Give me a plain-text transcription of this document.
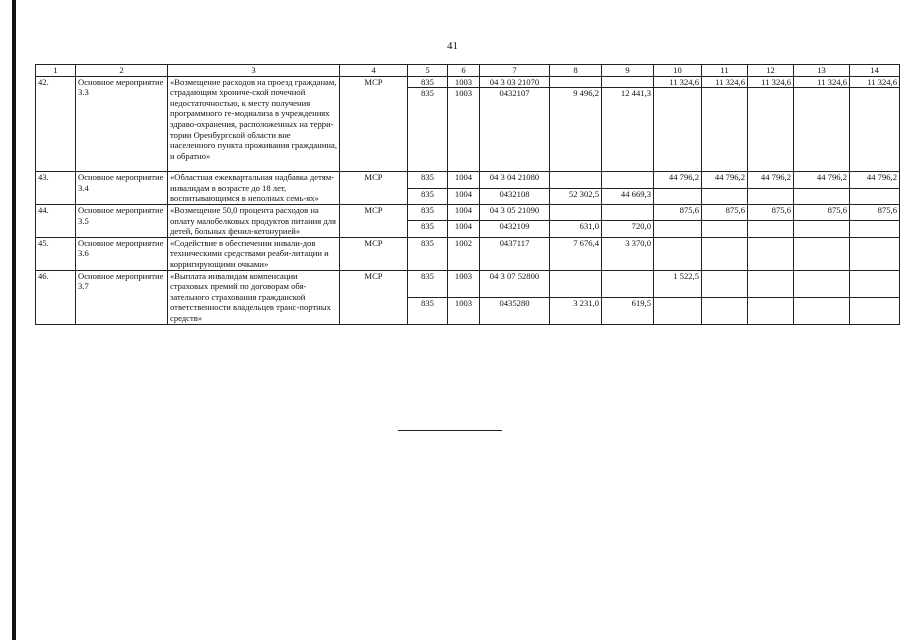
41
1	2	3	4	5	6	7	8	9	10	11	12	13	14
42.	Основное мероприятие 3.3	«Возмещение расходов на проезд гражданам, страдающим хроничe-ской почечной недостаточностью, к месту получения программного ге-модиализа в учреждениях здраво-охранения, расположенных на терри-тории Оренбургской области вне населенного пункта проживания гражданина, и обратно»	МСР	835	1003	04 3 03 21070			11 324,6	11 324,6	11 324,6	11 324,6	11 324,6
				835	1003	0432107	9 496,2	12 441,3					
43.	Основное мероприятие 3.4	«Областная ежеквартальная надбавка детям-инвалидам в возрасте до 18 лет, воспитывающимся в неполных семь-ях»	МСР	835	1004	04 3 04 21080			44 796,2	44 796,2	44 796,2	44 796,2	44 796,2
				835	1004	0432108	52 302,5	44 669,3					
44.	Основное мероприятие 3.5	«Возмещение 50,0 процента расходов на оплату малобелковых продуктов питания для детей, больных фенил-кетонурией»	МСР	835	1004	04 3 05 21090			875,6	875,6	875,6	875,6	875,6
				835	1004	0432109	631,0	720,0					
45.	Основное мероприятие 3.6	«Содействие в обеспечении инвали-дов техническими средствами реаби-литации и корригирующими очками»	МСР	835	1002	0437117	7 676,4	3 370,0					
46.	Основное мероприятие 3.7	«Выплата инвалидам компенсации страховых премий по договорам обя-зательного страхования гражданской ответственности владельцев транс-портных средств»	МСР	835	1003	04 3 07 52800			1 522,5				
				835	1003	0435280	3 231,0	619,5					
